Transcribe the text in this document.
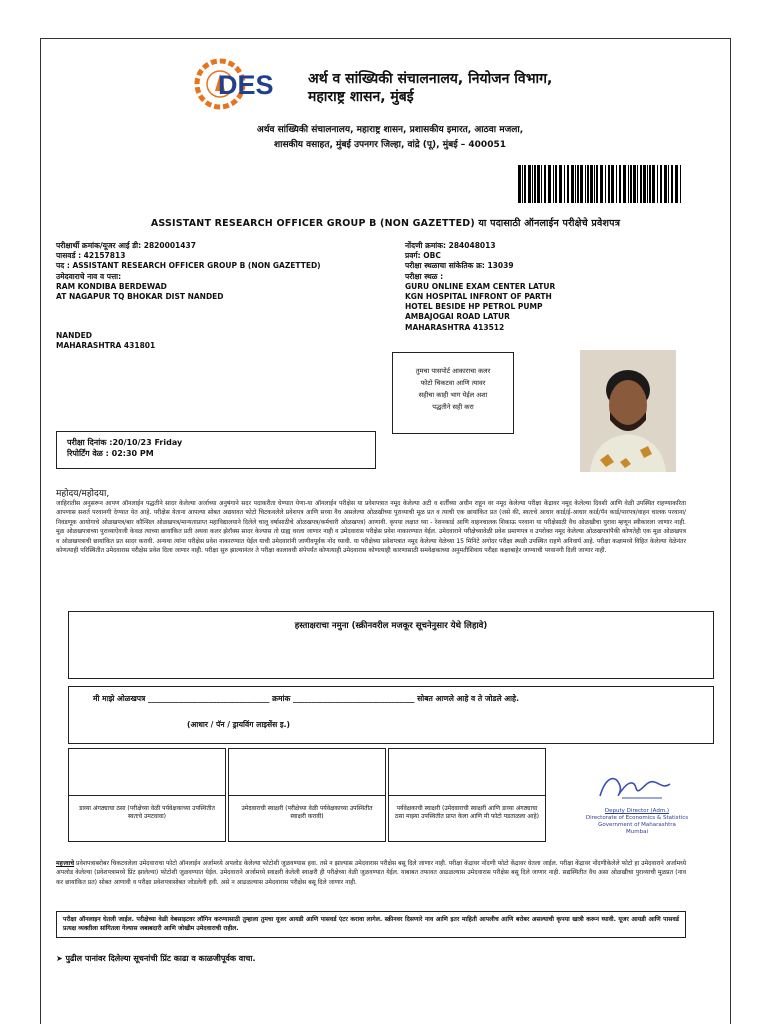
DES अर्थ व सांख्यिकी संचालनालय, नियोजन विभाग,
महाराष्ट्र शासन, मुंबई
अर्थव सांख्यिकी संचालनालय, महाराष्ट्र शासन, प्रशासकीय इमारत, आठवा मजला,
शासकीय वसाहत, मुंबई उपनगर जिल्हा, वांद्रे (पू), मुंबई – 400051
ASSISTANT RESEARCH OFFICER GROUP B (NON GAZETTED) या पदासाठी ऑनलाईन परीक्षेचे प्रवेशपत्र
परीक्षार्थी क्रमांक/यूजर आई डी: 2820001437
पासवर्ड : 42157813
पद : ASSISTANT RESEARCH OFFICER GROUP B (NON GAZETTED)
उमेदवाराचे नाव व पत्ता:
RAM KONDIBA BERDEWAD
AT NAGAPUR TQ BHOKAR DIST NANDED
NANDED
MAHARASHTRA 431801
नोंदणी क्रमांक: 284048013
प्रवर्ग: OBC
परीक्षा स्थळाचा सांकेतिक क्र: 13039
परीक्षा स्थळ :
GURU ONLINE EXAM CENTER LATUR
KGN HOSPITAL INFRONT OF PARTH
HOTEL BESIDE HP PETROL PUMP
AMBAJOGAI ROAD LATUR
MAHARASHTRA 413512
तुमचा पासपोर्ट आकाराचा कलर
फोटो चिकटवा आणि त्यावर
सहीचा काही भाग येईल अशा
पद्धतीने सही करा
परीक्षा दिनांक :20/10/23 Friday
रिपोर्टिंग वेळ : 02:30 PM
महोदय/महोदया,
जाहिरातीस अनुसरून आपण ऑनलाईन पद्धतीने सादर केलेल्या अर्जाच्या अनुषंगाने सदर पदाकरीता घेण्यात येणा-या ऑनलाईन परीक्षेस या प्रवेशपत्रात नमूद केलेल्या अटी व शर्तींच्या अधीन राहून वर नमूद केलेल्या परीक्षा केंद्रावर नमूद केलेल्या दिवशी आणि वेळी उपस्थित राहण्याकरिता आपणास सशर्त परवानगी देण्यात येत आहे. परीक्षेस येताना आपल्या सोबत अद्ययावत फोटो चिटकवलेले प्रवेशपत्र आणि सध्या वैध असलेल्या ओळखीच्या पुराव्याची मूळ प्रत व त्याची एक छायांकित प्रत (जसे की, स्वतःचे आधार कार्ड/ई-आधार कार्ड/पॅन कार्ड/पारपत्र/वाहन चालक परवाना/निवडणूक आयोगाचे ओळखपत्र/बार कौन्सिल ओळखपत्र/मान्यताप्राप्त महाविद्यालयाने दिलेले चालू वर्षासाठीचे ओळखपत्र/कर्मचारी ओळखपत्र) आणावी. कृपया लक्षात घ्या - रेशनकार्ड आणि वाहनचालक शिकाऊ परवाना या परीक्षेसाठी वैध ओळखीचा पुरावा म्हणून स्वीकारला जाणार नाही. मूळ ओळखपत्राच्या पुराव्याऐवजी केवळ त्याच्या छायांकित प्रती अथवा कलर झेरॉक्स सादर केल्यास तो ग्राह्य धरला जाणार नाही व उमेदवारास परीक्षेस प्रवेश नाकारण्यात येईल. उमेदवाराने परीक्षेच्यावेळी प्रवेश प्रमाणपत्र व उपरोक्त नमूद केलेल्या ओळखपत्रांपैकी कोणतेही एक मूळ ओळखपत्र व ओळखपत्राची छायांकित प्रत सादर करावी. अन्यथा त्यांना परीक्षेस प्रवेश नाकारण्यात येईल याची उमेदवारांनी जाणीवपूर्वक नोंद घ्यावी. या परीक्षेच्या प्रवेशपत्रात नमूद केलेल्या वेळेच्या 15 मिनिटे अगोदर परीक्षा स्थळी उपस्थित राहणे अनिवार्य आहे. परीक्षा कक्षामध्ये विहित केलेल्या वेळेनंतर कोणत्याही परिस्थितीत उमेदवारास परीक्षेस प्रवेश दिला जाणार नाही. परीक्षा सुरु झाल्यानंतर ते परीक्षा कालावधी संपेपर्यंत कोणत्याही उमेदवारास कोणत्याही कारणासाठी समवेक्षकाच्या अनुमतीशिवाय परीक्षा कक्षाबाहेर जाण्याची परवानगी दिली जाणार नाही.
हस्ताक्षराचा नमुना (स्क्रीनवरील मजकूर सूचनेनुसार येथे लिहावे)
मी माझे ओळखपत्र ________________________________ क्रमांक ________________________________ सोबत आणले आहे व ते जोडले आहे.
(आधार / पॅन / ड्रायविंग लाइसेंस इ.)
डाव्या अंगठ्याचा ठसा (परीक्षेच्या वेळी पर्यवेक्षकाच्या उपस्थितीत स्वतःचे उमटवावा)
उमेदवाराची स्वाक्षरी (परीक्षेच्या वेळी पर्यवेक्षकाच्या उपस्थितीत स्वाक्षरी करावी)
पर्यवेक्षकाची स्वाक्षरी (उमेदवाराची स्वाक्षरी आणि डाव्या अंगठ्याचा ठसा माझ्या उपस्थितीत प्राप्त केला आणि मी फोटो पडताळला आहे)
Deputy Director (Adm.)
Directorate of Economics & Statistics
Government of Maharashtra
Mumbai
महत्त्वाचे प्रवेशपत्राबरोबर चिकटवलेला उमेदवाराचा फोटो ऑनलाईन अर्जामध्ये अपलोड केलेल्या फोटोशी जुळवण्यास हवा. तसे न झाल्यास उमेदवारास परीक्षेस बसू दिले जाणार नाही. परीक्षा केंद्रावर नोंदणी फोटो केंद्रावर घेतला जाईल. परीक्षा केंद्रावर नोंदणीकेलेले फोटो हा उमेदवाराने अर्जामध्ये अपलोड केलेल्या (प्रवेशपत्रामध्ये प्रिंट झालेल्या) फोटोशी जुळवण्यात येईल. उमेदवाराने अर्जामध्ये स्वाक्षरी केलेली स्वाक्षरी ही परीक्षेच्या वेळी जुळवण्यात येईल. याबाबत तफावत आढळल्यास उमेदवारास परीक्षेस बसू दिले जाणार नाही. सद्यस्थितीत वैध असा ओळखीचा पुराव्याची मूळप्रत (नाव कर छायांकित प्रत) सोबत आणावी व परीक्षा प्रवेशपत्रासोबत जोडलेली हवी. असे न आढळल्यास उमेदवारास परीक्षेस बसू दिले जाणार नाही.
परीक्षा ऑनलाइन घेतली जाईल. परीक्षेच्या वेळी वेबसाइटवर लॉगिन करण्यासाठी तुम्हाला तुमचा यूजर आयडी आणि पासवर्ड एंटर करावा लागेल. स्क्रीनवर दिसणारे नाव आणि इतर माहिती आपलीच आणि बरोबर असल्याची कृपया खात्री करून घ्यावी. यूजर आयडी आणि पासवर्ड प्रत्यक्ष व्यक्तीला सांगितला गेल्यास जबाबदारी आणि जोखीम उमेदवाराची राहील.
➤ पुढील पानांवर दिलेल्या सूचनांची प्रिंट काढा व काळजीपूर्वक वाचा.
